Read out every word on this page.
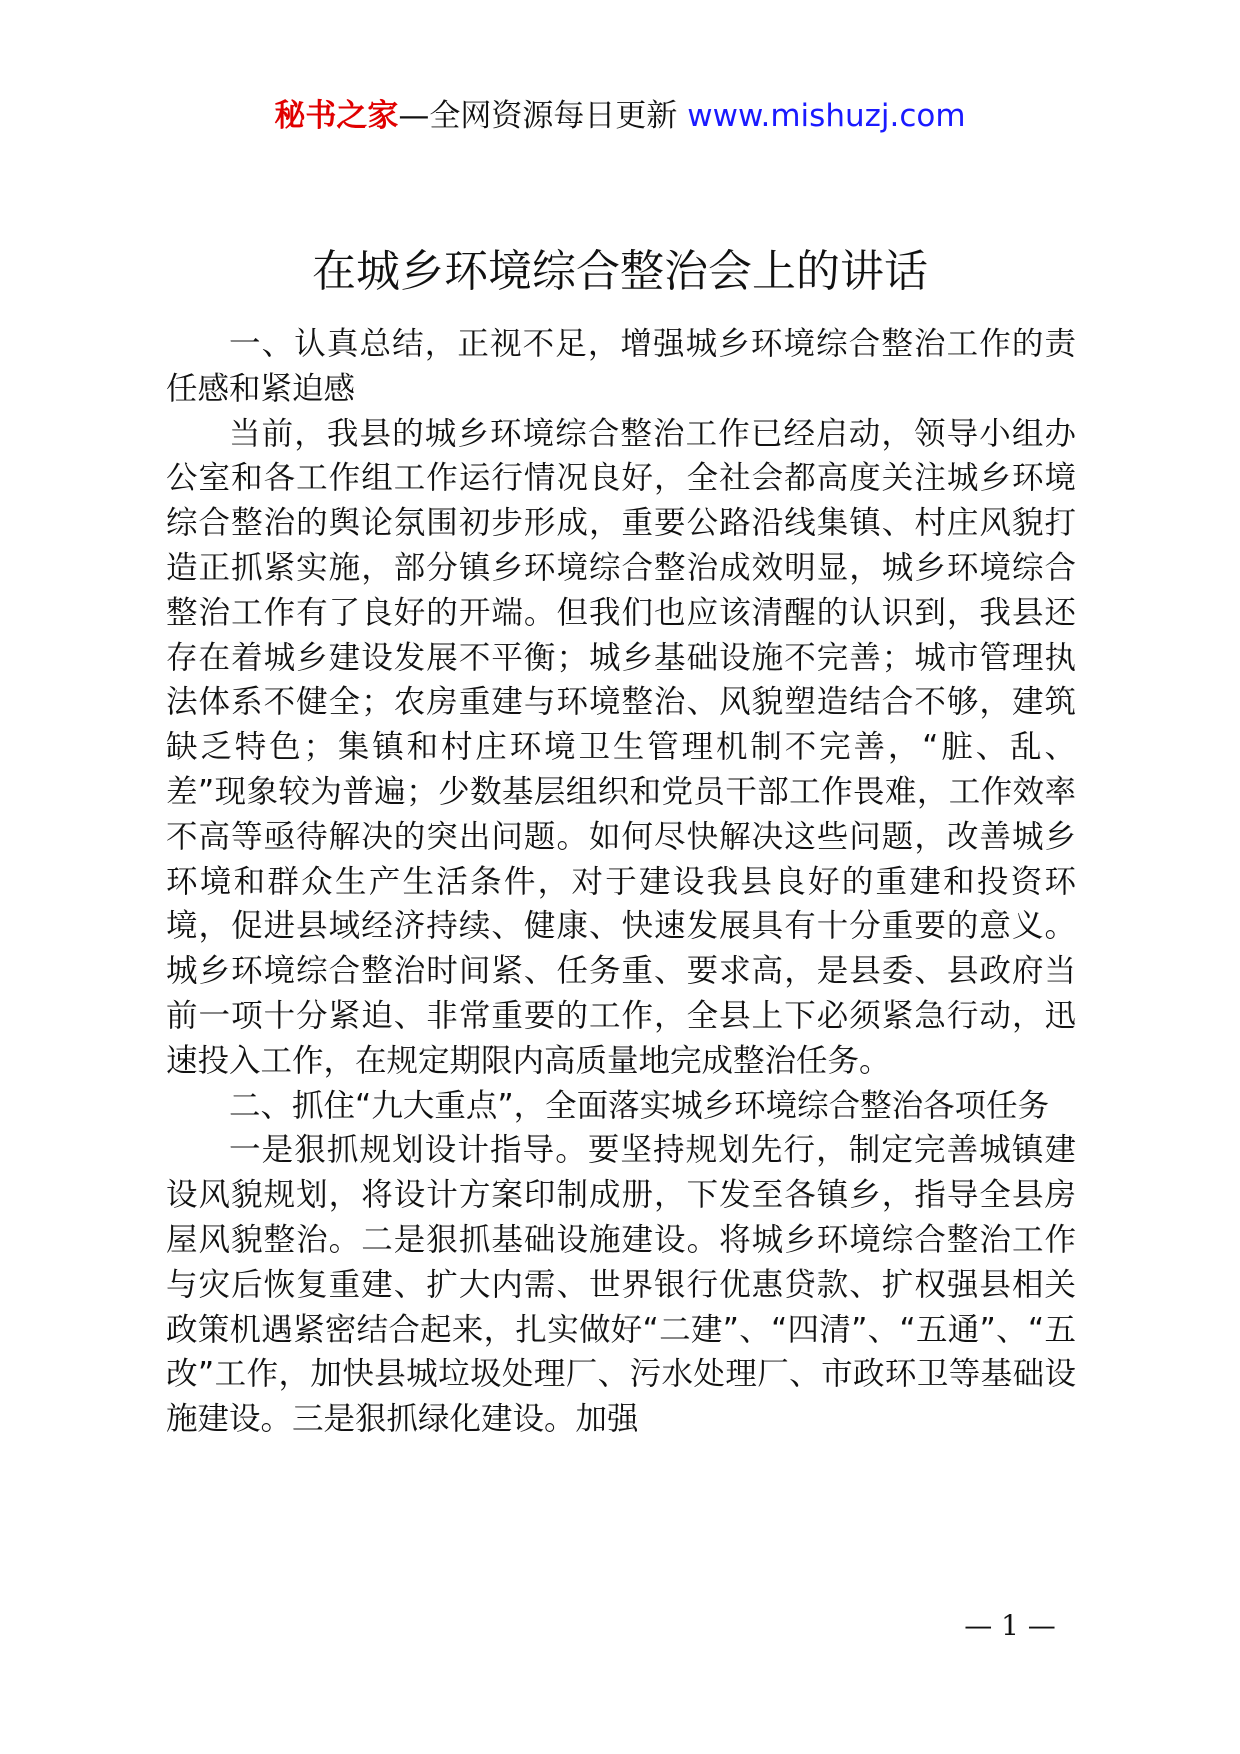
秘书之家—全网资源每日更新 www.mishuzj.com
在城乡环境综合整治会上的讲话

一、认真总结，正视不足，增强城乡环境综合整治工作的责任感和紧迫感

当前，我县的城乡环境综合整治工作已经启动，领导小组办公室和各工作组工作运行情况良好，全社会都高度关注城乡环境综合整治的舆论氛围初步形成，重要公路沿线集镇、村庄风貌打造正抓紧实施，部分镇乡环境综合整治成效明显，城乡环境综合整治工作有了良好的开端。但我们也应该清醒的认识到，我县还存在着城乡建设发展不平衡；城乡基础设施不完善；城市管理执法体系不健全；农房重建与环境整治、风貌塑造结合不够，建筑缺乏特色；集镇和村庄环境卫生管理机制不完善，“脏、乱、差”现象较为普遍；少数基层组织和党员干部工作畏难，工作效率不高等亟待解决的突出问题。如何尽快解决这些问题，改善城乡环境和群众生产生活条件，对于建设我县良好的重建和投资环境，促进县域经济持续、健康、快速发展具有十分重要的意义。城乡环境综合整治时间紧、任务重、要求高，是县委、县政府当前一项十分紧迫、非常重要的工作，全县上下必须紧急行动，迅速投入工作，在规定期限内高质量地完成整治任务。

二、抓住“九大重点”，全面落实城乡环境综合整治各项任务

一是狠抓规划设计指导。要坚持规划先行，制定完善城镇建设风貌规划，将设计方案印制成册，下发至各镇乡，指导全县房屋风貌整治。二是狠抓基础设施建设。将城乡环境综合整治工作与灾后恢复重建、扩大内需、世界银行优惠贷款、扩权强县相关政策机遇紧密结合起来，扎实做好“二建”、“四清”、“五通”、“五改”工作，加快县城垃圾处理厂、污水处理厂、市政环卫等基础设施建设。三是狠抓绿化建设。加强

— 1 —
